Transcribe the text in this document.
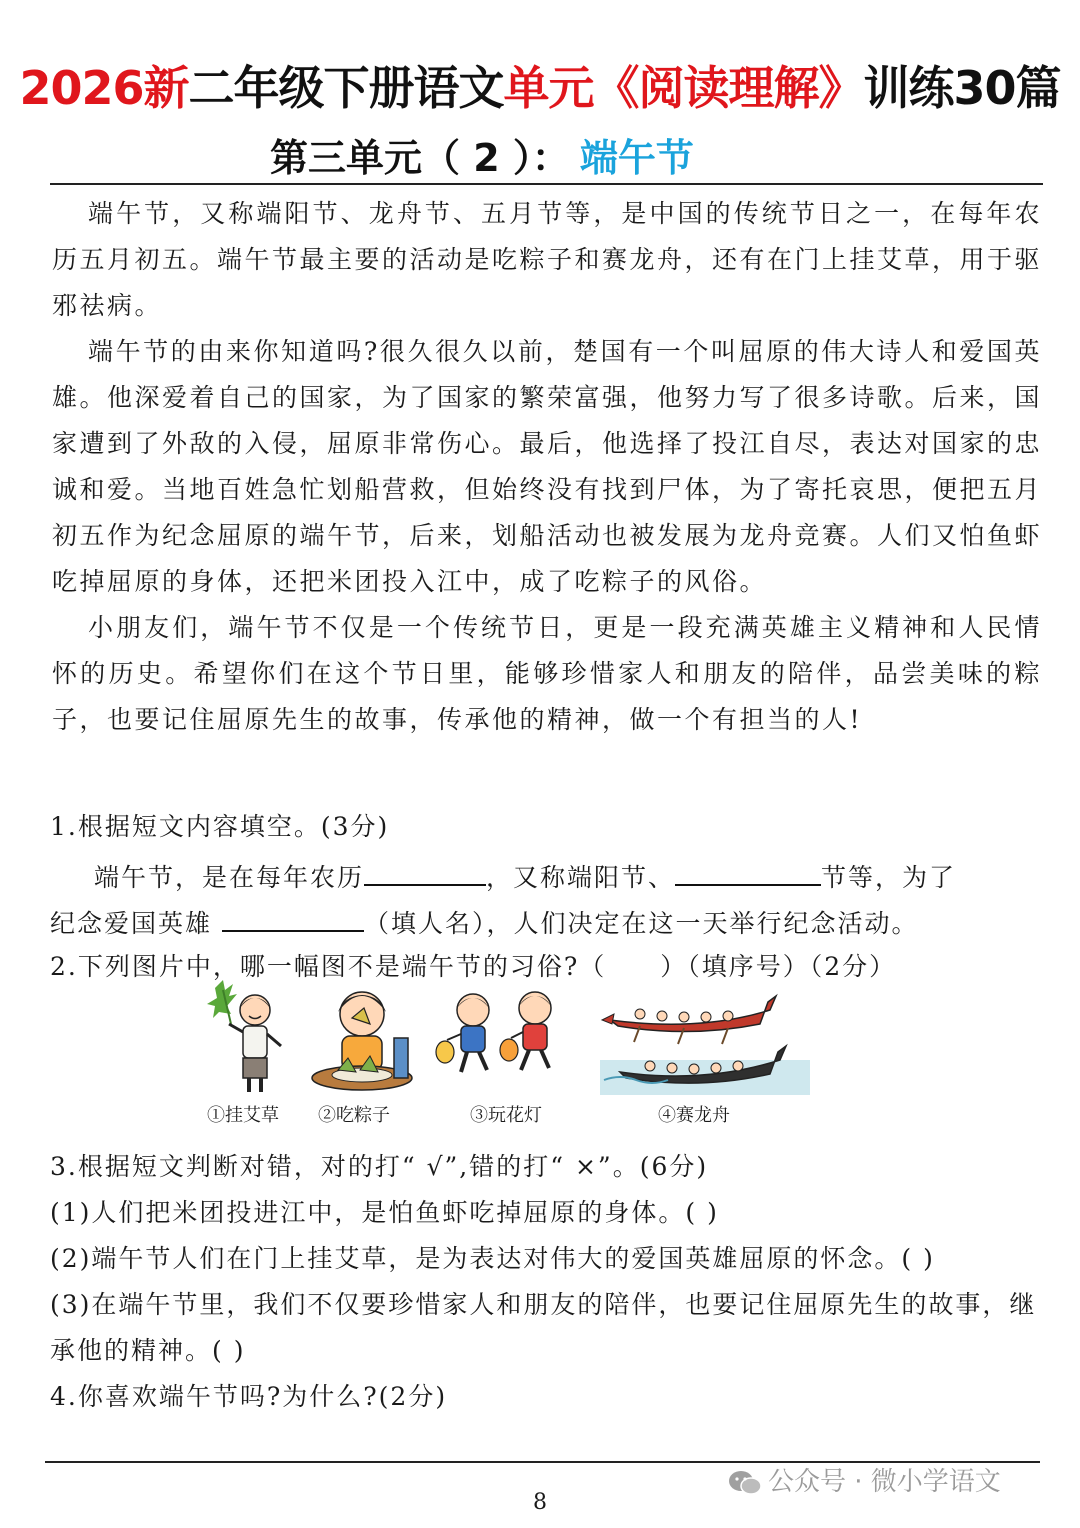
2026新二年级下册语文单元《阅读理解》训练30篇
第三单元（ 2 ）： 端午节

端午节，又称端阳节、龙舟节、五月节等，是中国的传统节日之一，在每年农历五月初五。端午节最主要的活动是吃粽子和赛龙舟，还有在门上挂艾草，用于驱邪祛病。

端午节的由来你知道吗?很久很久以前，楚国有一个叫屈原的伟大诗人和爱国英雄。他深爱着自己的国家，为了国家的繁荣富强，他努力写了很多诗歌。后来，国家遭到了外敌的入侵，屈原非常伤心。最后，他选择了投江自尽，表达对国家的忠诚和爱。当地百姓急忙划船营救，但始终没有找到尸体，为了寄托哀思，便把五月初五作为纪念屈原的端午节，后来，划船活动也被发展为龙舟竞赛。人们又怕鱼虾吃掉屈原的身体，还把米团投入江中，成了吃粽子的风俗。

小朋友们，端午节不仅是一个传统节日，更是一段充满英雄主义精神和人民情怀的历史。希望你们在这个节日里，能够珍惜家人和朋友的陪伴，品尝美味的粽子，也要记住屈原先生的故事，传承他的精神，做一个有担当的人!

1.根据短文内容填空。(3分)
端午节，是在每年农历	，又称端阳节、	节等，为了
纪念爱国英雄	（填人名），人们决定在这一天举行纪念活动。
2.下列图片中，哪一幅图不是端午节的习俗?（　　）（填序号）（2分）
①挂艾草 ②吃粽子	③玩花灯	④赛龙舟
3.根据短文判断对错，对的打“ √”,错的打“ ×”。(6分)
(1)人们把米团投进江中，是怕鱼虾吃掉屈原的身体。( )
(2)端午节人们在门上挂艾草，是为表达对伟大的爱国英雄屈原的怀念。( )
(3)在端午节里，我们不仅要珍惜家人和朋友的陪伴，也要记住屈原先生的故事，继承他的精神。( )
4.你喜欢端午节吗?为什么?(2分)
公众号 · 微小学语文
8
